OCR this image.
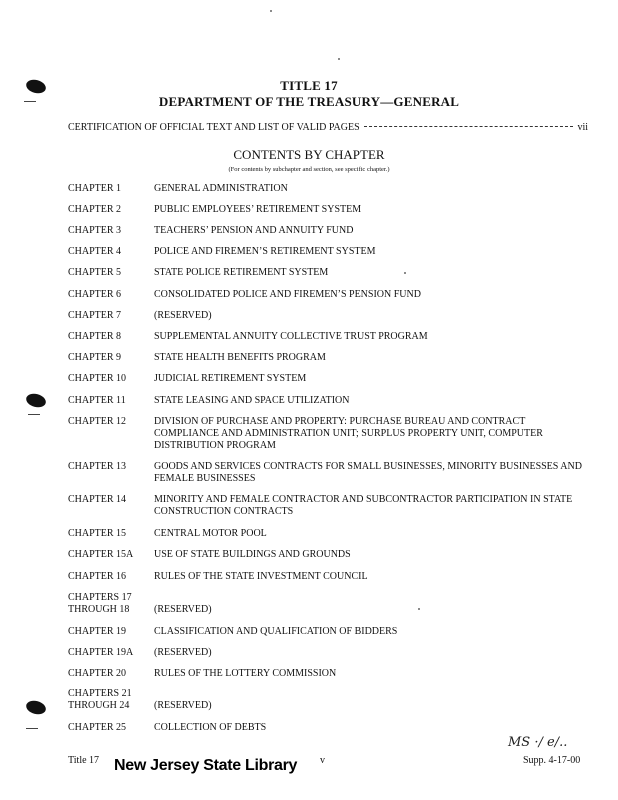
TITLE 17
DEPARTMENT OF THE TREASURY—GENERAL
CERTIFICATION OF OFFICIAL TEXT AND LIST OF VALID PAGES	vii
CONTENTS BY CHAPTER
(For contents by subchapter and section, see specific chapter.)
CHAPTER 1	GENERAL ADMINISTRATION
CHAPTER 2	PUBLIC EMPLOYEES’ RETIREMENT SYSTEM
CHAPTER 3	TEACHERS’ PENSION AND ANNUITY FUND
CHAPTER 4	POLICE AND FIREMEN’S RETIREMENT SYSTEM
CHAPTER 5	STATE POLICE RETIREMENT SYSTEM
CHAPTER 6	CONSOLIDATED POLICE AND FIREMEN’S PENSION FUND
CHAPTER 7	(RESERVED)
CHAPTER 8	SUPPLEMENTAL ANNUITY COLLECTIVE TRUST PROGRAM
CHAPTER 9	STATE HEALTH BENEFITS PROGRAM
CHAPTER 10	JUDICIAL RETIREMENT SYSTEM
CHAPTER 11	STATE LEASING AND SPACE UTILIZATION
CHAPTER 12	DIVISION OF PURCHASE AND PROPERTY: PURCHASE BUREAU AND CONTRACT COMPLIANCE AND ADMINISTRATION UNIT; SURPLUS PROPERTY UNIT, COMPUTER DISTRIBUTION PROGRAM
CHAPTER 13	GOODS AND SERVICES CONTRACTS FOR SMALL BUSINESSES, MINORITY BUSINESSES AND FEMALE BUSINESSES
CHAPTER 14	MINORITY AND FEMALE CONTRACTOR AND SUBCONTRACTOR PARTICIPATION IN STATE CONSTRUCTION CONTRACTS
CHAPTER 15	CENTRAL MOTOR POOL
CHAPTER 15A	USE OF STATE BUILDINGS AND GROUNDS
CHAPTER 16	RULES OF THE STATE INVESTMENT COUNCIL
CHAPTERS 17 THROUGH 18	(RESERVED)
CHAPTER 19	CLASSIFICATION AND QUALIFICATION OF BIDDERS
CHAPTER 19A	(RESERVED)
CHAPTER 20	RULES OF THE LOTTERY COMMISSION
CHAPTERS 21 THROUGH 24	(RESERVED)
CHAPTER 25	COLLECTION OF DEBTS
MS ·/ e/..
Title 17 New Jersey State Library v	Supp. 4-17-00
